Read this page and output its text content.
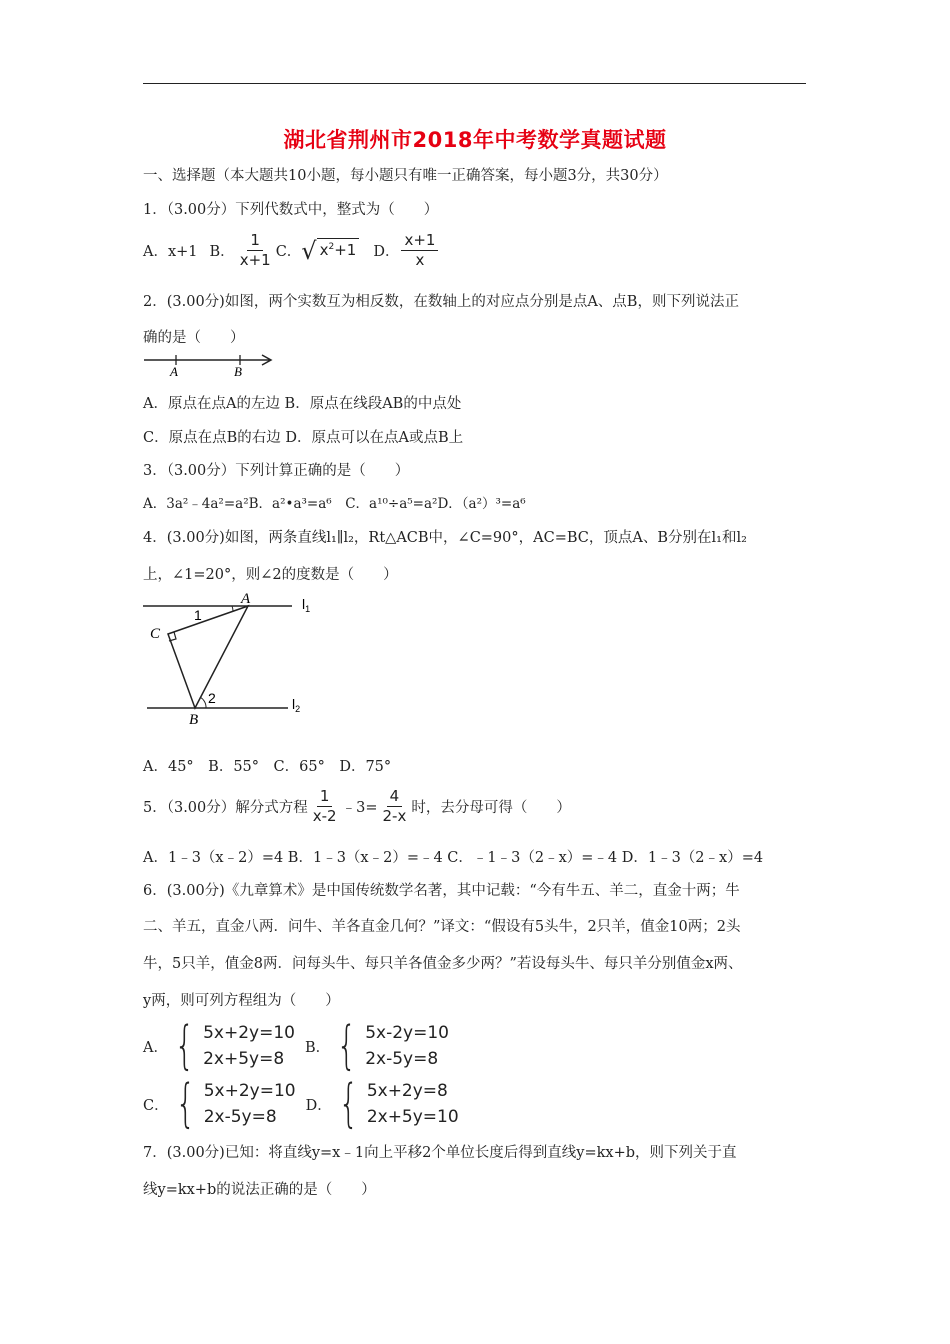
湖北省荆州市2018年中考数学真题试题
一、选择题（本大题共10小题，每小题只有唯一正确答案，每小题3分，共30分）
1．（3.00分）下列代数式中，整式为（　　）
A．x+1 B． $\frac{1}{x+1}$ C． √ $x^2+1$ D． $\frac{x+1}{x}$
2．(3.00分)如图，两个实数互为相反数，在数轴上的对应点分别是点A、点B，则下列说法正
确的是（　　）
A	B
A．原点在点A的左边 B．原点在线段AB的中点处
C．原点在点B的右边 D．原点可以在点A或点B上
3．（3.00分）下列计算正确的是（　　）
A．3a²﹣4a²=a²B．a²•a³=a⁶　C．a¹⁰÷a⁵=a²D．（a²）³=a⁶
4．(3.00分)如图，两条直线l₁∥l₂，Rt△ACB中，∠C=90°，AC=BC，顶点A、B分别在l₁和l₂
上，∠1=20°，则∠2的度数是（　　）
A
C
B
1
2
$l_1$
$l_2$
A．45°　B．55°　C．65°　D．75°
5．（3.00分）解分式方程 $\frac{1}{x-2}$ ﹣3= $\frac{4}{2-x}$ 时，去分母可得（　　）
A．1﹣3（x﹣2）=4 B．1﹣3（x﹣2）=﹣4 C．﹣1﹣3（2﹣x）=﹣4 D．1﹣3（2﹣x）=4
6．(3.00分)《九章算术》是中国传统数学名著，其中记载：“今有牛五、羊二，直金十两；牛
二、羊五，直金八两．问牛、羊各直金几何？”译文：“假设有5头牛，2只羊，值金10两；2头
牛，5只羊，值金8两．问每头牛、每只羊各值金多少两？”若设每头牛、每只羊分别值金x两、
y两，则可列方程组为（　　）
A． { 5x+2y=10
2x+5y=8
B． { 5x-2y=10
2x-5y=8
C． { 5x+2y=10
2x-5y=8
D． { 5x+2y=8
2x+5y=10
7．(3.00分)已知：将直线y=x﹣1向上平移2个单位长度后得到直线y=kx+b，则下列关于直
线y=kx+b的说法正确的是（　　）
